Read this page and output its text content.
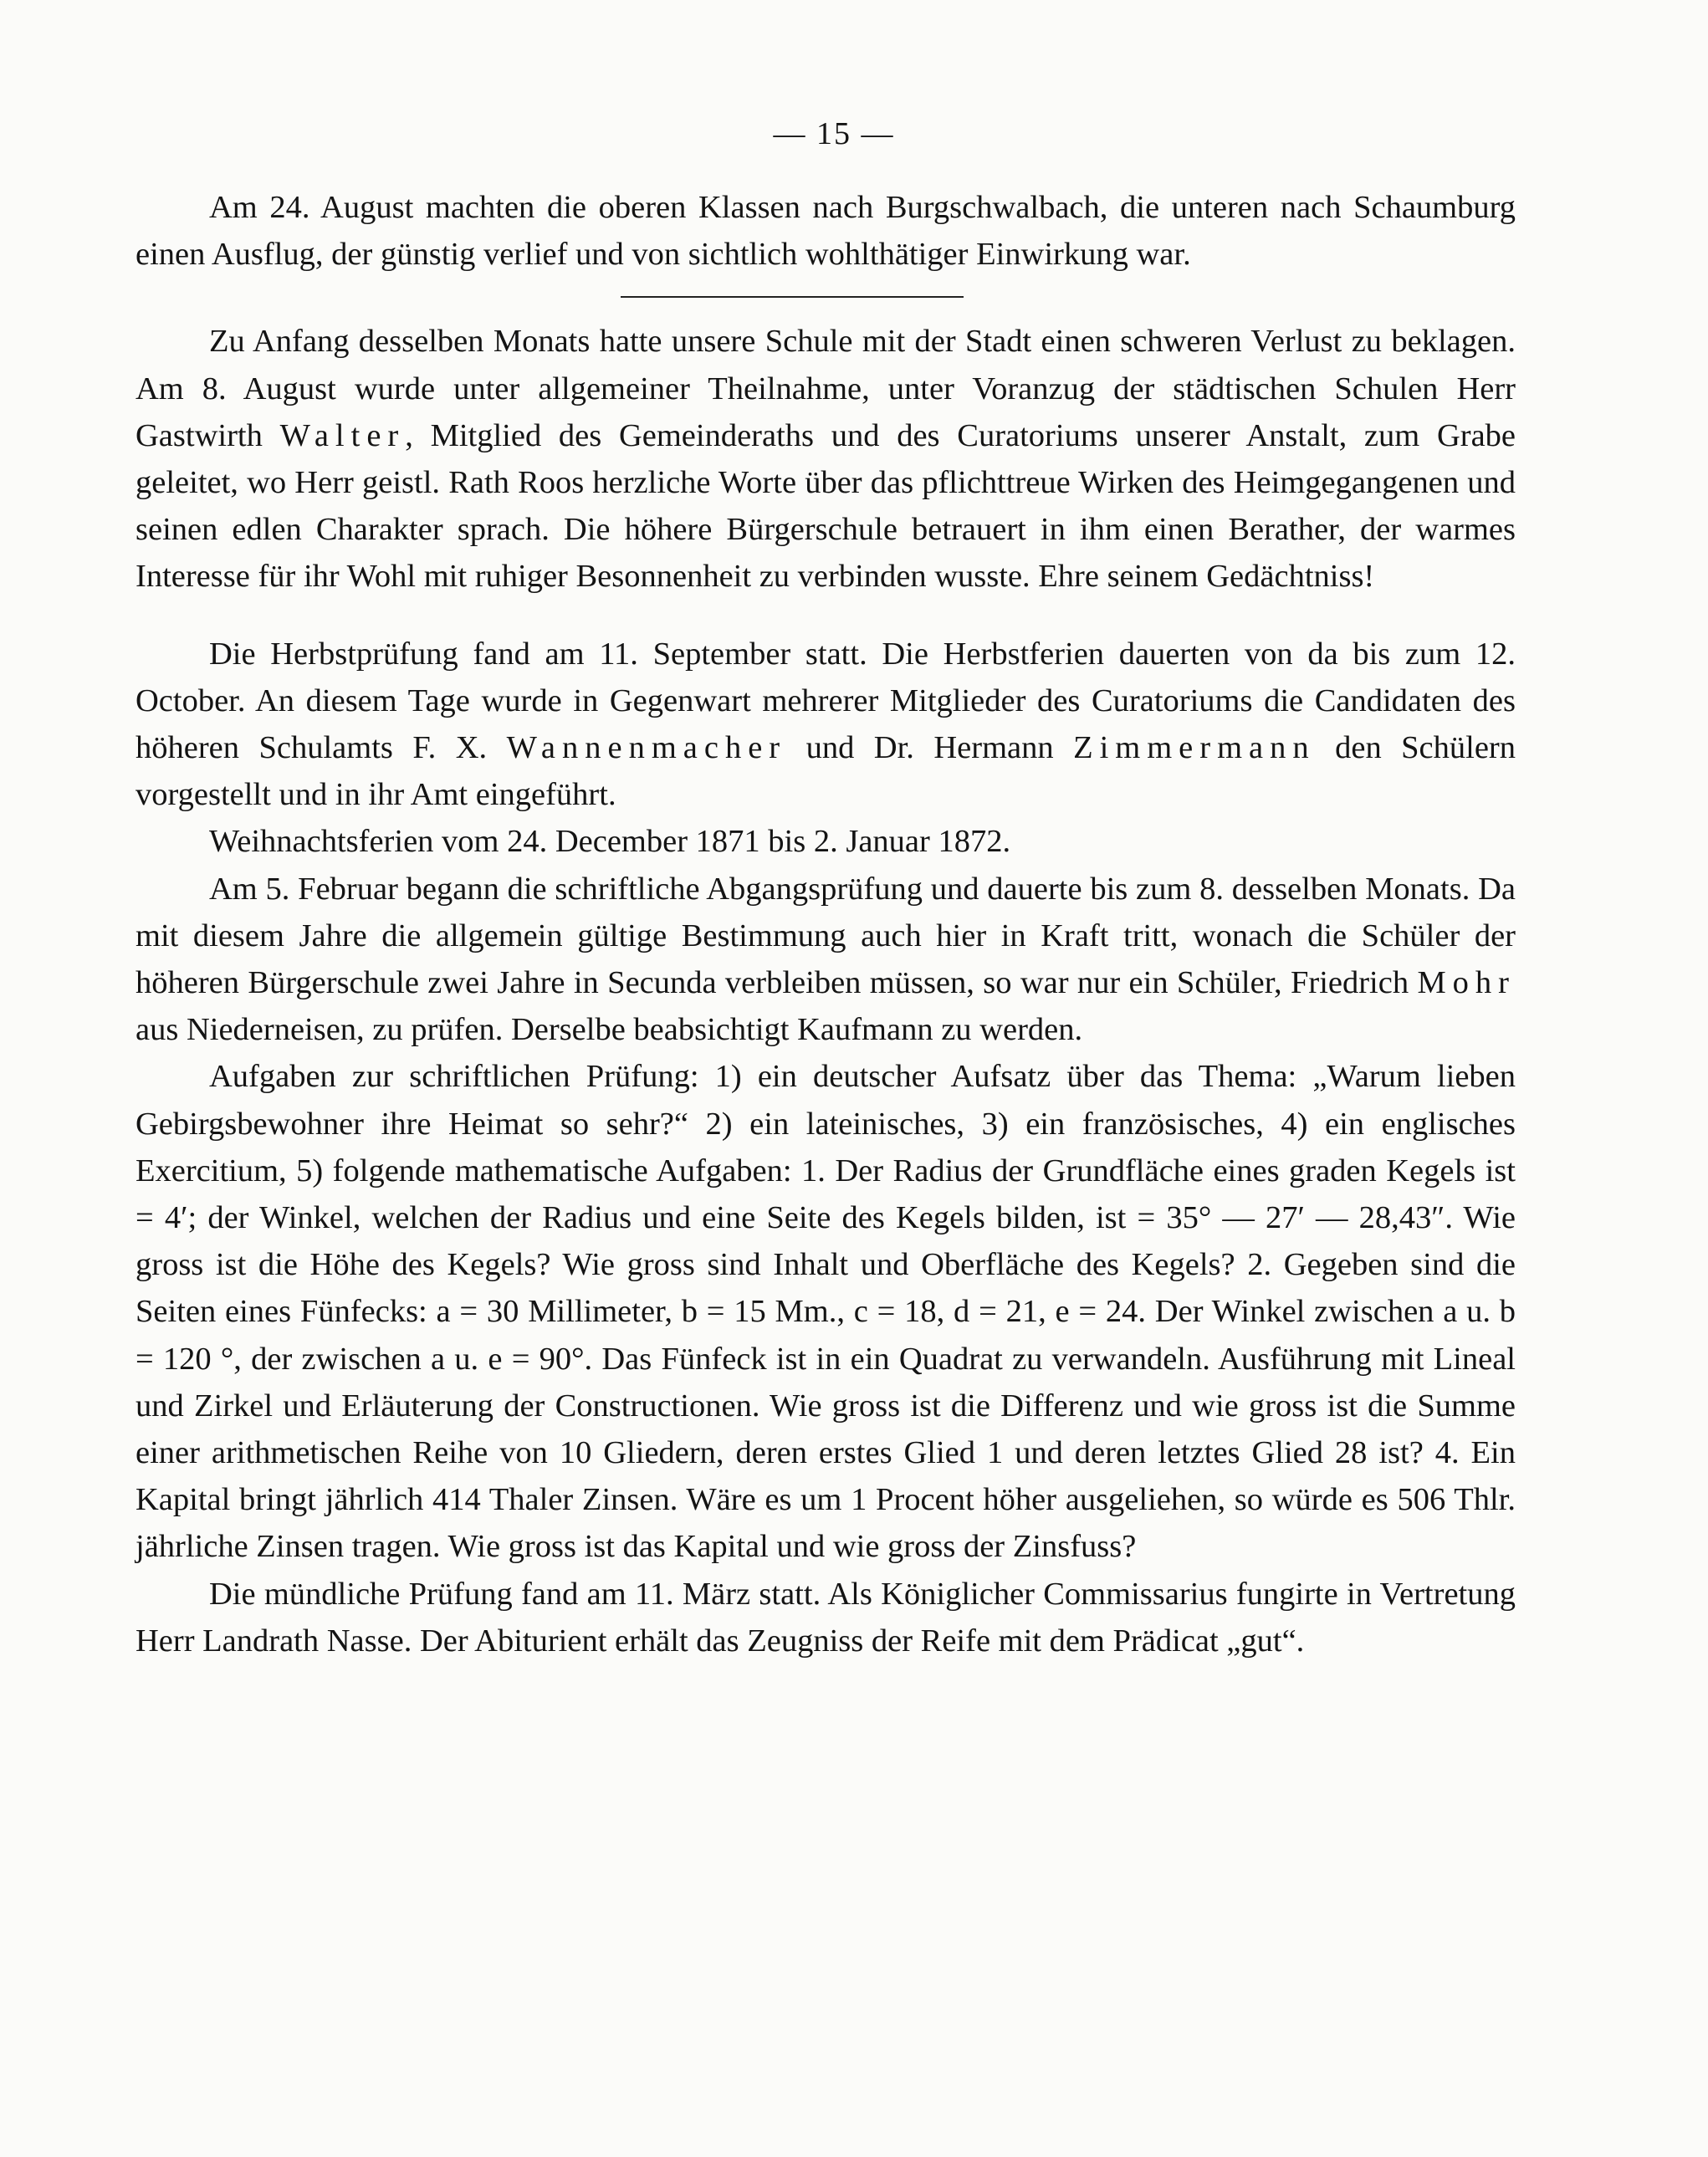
— 15 —

Am 24. August machten die oberen Klassen nach Burgschwalbach, die unteren nach Schaumburg einen Ausflug, der günstig verlief und von sichtlich wohlthätiger Einwirkung war.

Zu Anfang desselben Monats hatte unsere Schule mit der Stadt einen schweren Verlust zu beklagen. Am 8. August wurde unter allgemeiner Theilnahme, unter Voranzug der städtischen Schulen Herr Gastwirth Walter, Mitglied des Gemeinderaths und des Curatoriums unserer Anstalt, zum Grabe geleitet, wo Herr geistl. Rath Roos herzliche Worte über das pflichttreue Wirken des Heimgegangenen und seinen edlen Charakter sprach. Die höhere Bürgerschule betrauert in ihm einen Berather, der warmes Interesse für ihr Wohl mit ruhiger Besonnenheit zu verbinden wusste. Ehre seinem Gedächtniss!

Die Herbstprüfung fand am 11. September statt. Die Herbstferien dauerten von da bis zum 12. October. An diesem Tage wurde in Gegenwart mehrerer Mitglieder des Curatoriums die Candidaten des höheren Schulamts F. X. Wannenmacher und Dr. Hermann Zimmermann den Schülern vorgestellt und in ihr Amt eingeführt.

Weihnachtsferien vom 24. December 1871 bis 2. Januar 1872.

Am 5. Februar begann die schriftliche Abgangsprüfung und dauerte bis zum 8. desselben Monats. Da mit diesem Jahre die allgemein gültige Bestimmung auch hier in Kraft tritt, wonach die Schüler der höheren Bürgerschule zwei Jahre in Secunda verbleiben müssen, so war nur ein Schüler, Friedrich Mohr aus Niederneisen, zu prüfen. Derselbe beabsichtigt Kaufmann zu werden.

Aufgaben zur schriftlichen Prüfung: 1) ein deutscher Aufsatz über das Thema: „Warum lieben Gebirgsbewohner ihre Heimat so sehr?“ 2) ein lateinisches, 3) ein französisches, 4) ein englisches Exercitium, 5) folgende mathematische Aufgaben: 1. Der Radius der Grundfläche eines graden Kegels ist = 4′; der Winkel, welchen der Radius und eine Seite des Kegels bilden, ist = 35° — 27′ — 28,43″. Wie gross ist die Höhe des Kegels? Wie gross sind Inhalt und Oberfläche des Kegels? 2. Gegeben sind die Seiten eines Fünfecks: a = 30 Millimeter, b = 15 Mm., c = 18, d = 21, e = 24. Der Winkel zwischen a u. b = 120 °, der zwischen a u. e = 90°. Das Fünfeck ist in ein Quadrat zu verwandeln. Ausführung mit Lineal und Zirkel und Erläuterung der Constructionen. Wie gross ist die Differenz und wie gross ist die Summe einer arithmetischen Reihe von 10 Gliedern, deren erstes Glied 1 und deren letztes Glied 28 ist? 4. Ein Kapital bringt jährlich 414 Thaler Zinsen. Wäre es um 1 Procent höher ausgeliehen, so würde es 506 Thlr. jährliche Zinsen tragen. Wie gross ist das Kapital und wie gross der Zinsfuss?

Die mündliche Prüfung fand am 11. März statt. Als Königlicher Commissarius fungirte in Vertretung Herr Landrath Nasse. Der Abiturient erhält das Zeugniss der Reife mit dem Prädicat „gut“.
